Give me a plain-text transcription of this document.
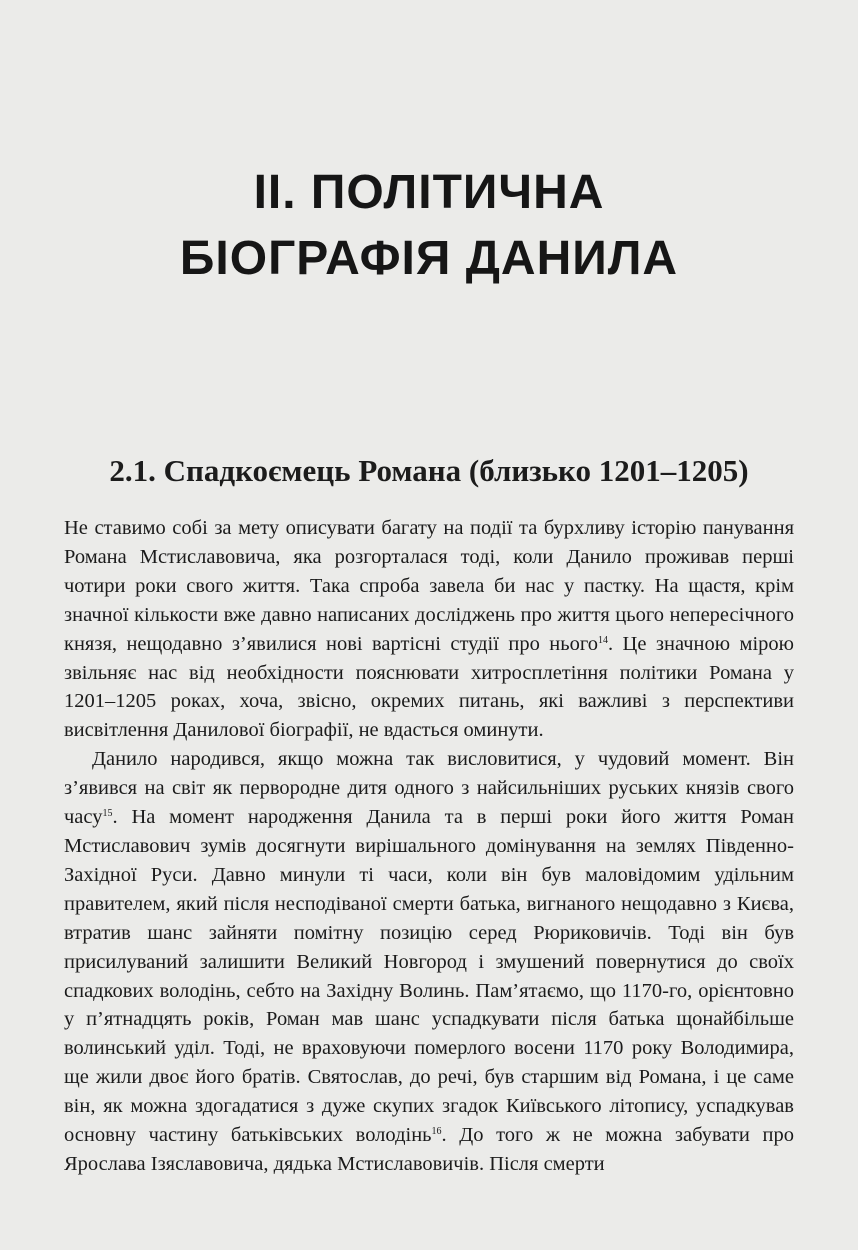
II. ПОЛІТИЧНА
БІОГРАФІЯ ДАНИЛА
2.1. Спадкоємець Романа (близько 1201–1205)

Не ставимо собі за мету описувати багату на події та бурхливу історію панування Романа Мстиславовича, яка розгорталася тоді, коли Данило проживав перші чотири роки свого життя. Така спроба завела би нас у пастку. На щастя, крім значної кількости вже давно написаних досліджень про життя цього непересічного князя, нещодавно з’явилися нові вартісні студії про нього$^{14}$. Це значною мірою звільняє нас від необхідности пояснювати хитросплетіння політики Романа у 1201–1205 роках, хоча, звісно, окремих питань, які важливі з перспективи висвітлення Данилової біографії, не вдасться оминути.

Данило народився, якщо можна так висловитися, у чудовий момент. Він з’явився на світ як первородне дитя одного з найсильніших руських князів свого часу$^{15}$. На момент народження Данила та в перші роки його життя Роман Мстиславович зумів досягнути вирішального домінування на землях Південно-Західної Руси. Давно минули ті часи, коли він був маловідомим удільним правителем, який після несподіваної смерти батька, вигнаного нещодавно з Києва, втратив шанс зайняти помітну позицію серед Рюриковичів. Тоді він був присилуваний залишити Великий Новгород і змушений повернутися до своїх спадкових володінь, себто на Західну Волинь. Пам’ятаємо, що 1170-го, орієнтовно у п’ятнадцять років, Роман мав шанс успадкувати після батька щонайбільше волинський уділ. Тоді, не враховуючи померлого восени 1170 року Володимира, ще жили двоє його братів. Святослав, до речі, був старшим від Романа, і це саме він, як можна здогадатися з дуже скупих згадок Київського літопису, успадкував основну частину батьківських володінь$^{16}$. До того ж не можна забувати про Ярослава Ізяславовича, дядька Мстиславовичів. Після смерти
